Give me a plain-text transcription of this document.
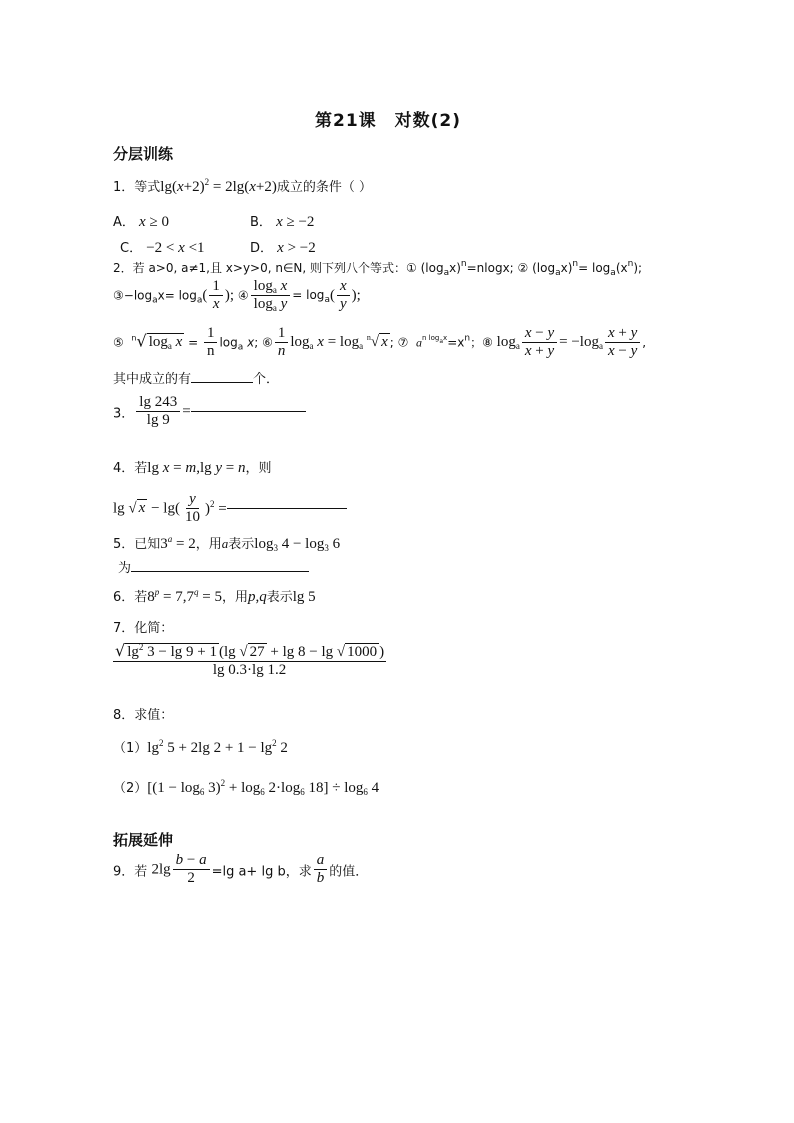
第21课　对数(2)
分层训练
1．等式$\lg(x+2)^2 = 2\lg(x+2)$成立的条件（ ）
A． x ≥ 0	B． x ≥ −2
C． −2 < x <1	D． x > −2
2．若 a>0, a≠1,且 x>y>0, n∈N, 则下列八个等式：① $(\log_ax)^n=nlogx$; ② $(\log_ax)^n= \log_a(x^n)$;
$③-\log_ax= \log_a( \frac{1}{x}$ ); ④ $\frac{\log_a x}{\log_a y} = \log_a( \frac{x}{y}$ );
⑤ $^n$√ $\log_a x = \frac{1}{n} \log_a x$; ⑥ $\frac{1}{n} \log_a x = \log_a ^n√$ x ; ⑦ $a^{n log_ax}=x^n$；⑧ $\log_a \frac{x - y}{x + y} = -\log_a \frac{x + y}{x - y}$ ,
其中成立的有	个．
3． $\frac{\lg 243}{\lg 9}$ =
4．若lg x = m,lg y = n，则
lg √ $x - \lg( \frac{y}{10} )^2$ =
5．已知$3^a = 2$，用a表示$\log_3 4 - \log_3 6$
为
6．若$8^p = 7,7^q = 5$，用p,q表示lg 5
7．化简：
$\frac{√ \lg^2 3 - \lg 9 + 1 (\lg √ 27 + \lg 8 - \lg √ 1000 )}{\lg 0.3\cdot\lg 1.2}$
8．求值：
$(1)\lg^2$ 5 + 2lg $2 + 1 - \lg^2 2$
$(2)[(1 - \log_6 3)^2 + \log_6 2\cdot\log_6$ $18] \div \log_6 4$
拓展延伸
9．若 $2\lg \frac{b - a}{2} =\lg$ a+ lg b，求 $\frac{a}{b}$ 的值．
